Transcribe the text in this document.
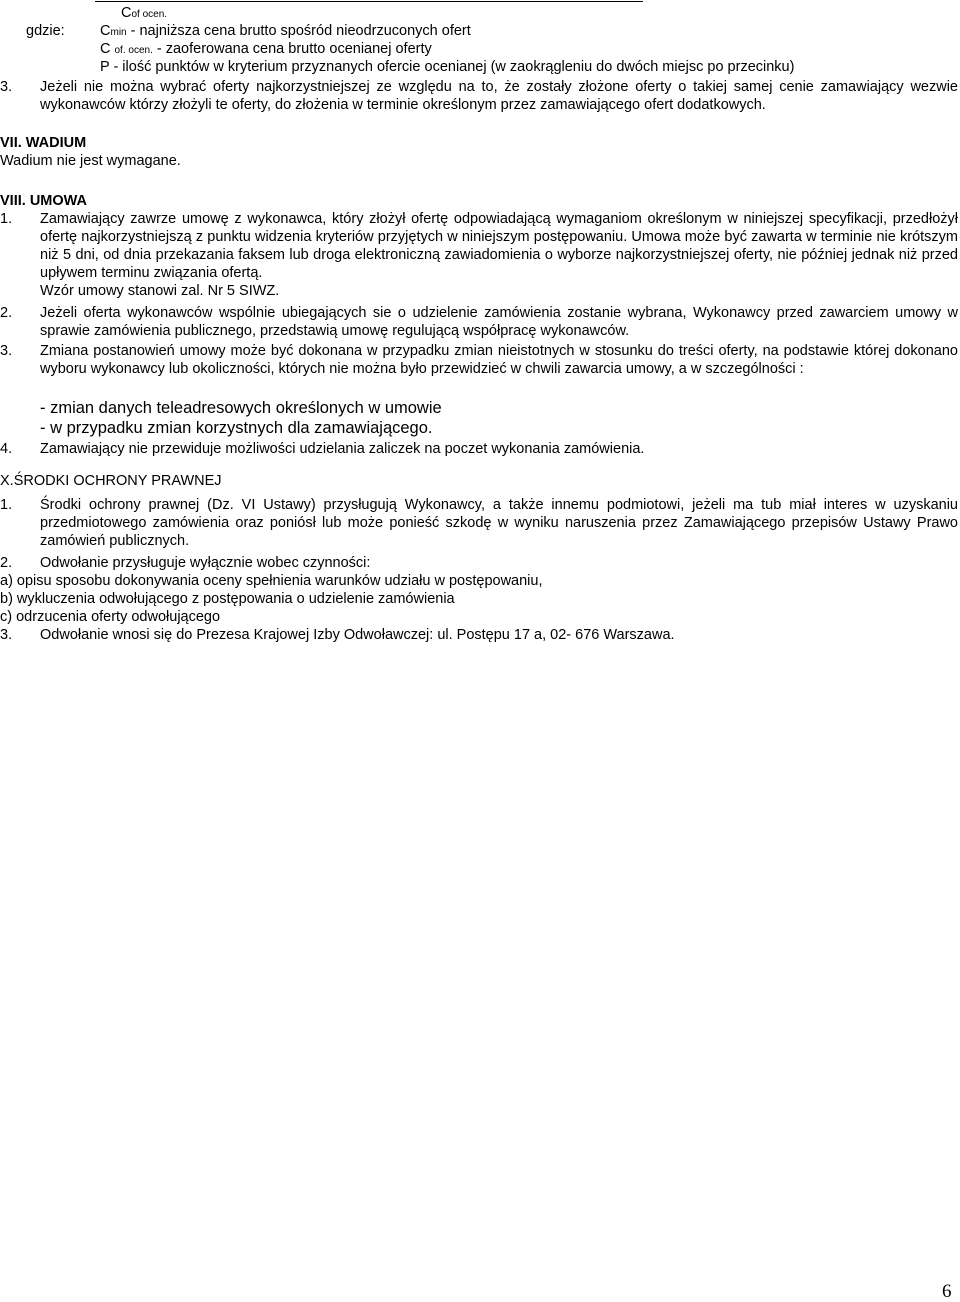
Cof ocen.
gdzie: Cmin - najniższa cena brutto spośród nieodrzuconych ofert
C of. ocen. - zaoferowana cena brutto ocenianej oferty
P - ilość punktów w kryterium przyznanych ofercie ocenianej (w zaokrągleniu do dwóch miejsc po przecinku)
3. Jeżeli nie można wybrać oferty najkorzystniejszej ze względu na to, że zostały złożone oferty o takiej samej cenie zamawiający wezwie wykonawców którzy złożyli te oferty, do złożenia w terminie określonym przez zamawiającego ofert dodatkowych.
VII. WADIUM
Wadium nie jest wymagane.
VIII. UMOWA
1. Zamawiający zawrze umowę z wykonawca, który złożył ofertę odpowiadającą wymaganiom określonym w niniejszej specyfikacji, przedłożył ofertę najkorzystniejszą z punktu widzenia kryteriów przyjętych w niniejszym postępowaniu. Umowa może być zawarta w terminie nie krótszym niż 5 dni, od dnia przekazania faksem lub droga elektroniczną zawiadomienia o wyborze najkorzystniejszej oferty, nie później jednak niż przed upływem terminu związania ofertą.
Wzór umowy stanowi zal. Nr 5 SIWZ.
2. Jeżeli oferta wykonawców wspólnie ubiegających sie o udzielenie zamówienia zostanie wybrana, Wykonawcy przed zawarciem umowy w sprawie zamówienia publicznego, przedstawią umowę regulującą współpracę wykonawców.
3. Zmiana postanowień umowy może być dokonana w przypadku zmian nieistotnych w stosunku do treści oferty, na podstawie której dokonano wyboru wykonawcy lub okoliczności, których nie można było przewidzieć w chwili zawarcia umowy, a w szczególności :
- zmian danych teleadresowych określonych w umowie
- w przypadku zmian korzystnych dla zamawiającego.
4. Zamawiający nie przewiduje możliwości udzielania zaliczek na poczet wykonania zamówienia.
X.ŚRODKI OCHRONY PRAWNEJ
1. Środki ochrony prawnej (Dz. VI Ustawy) przysługują Wykonawcy, a także innemu podmiotowi, jeżeli ma tub miał interes w uzyskaniu przedmiotowego zamówienia oraz poniósł lub może ponieść szkodę w wyniku naruszenia przez Zamawiającego przepisów Ustawy Prawo zamówień publicznych.
2. Odwołanie przysługuje wyłącznie wobec czynności:
a) opisu sposobu dokonywania oceny spełnienia warunków udziału w postępowaniu,
b) wykluczenia odwołującego z postępowania o udzielenie zamówienia
c) odrzucenia oferty odwołującego
3. Odwołanie wnosi się do Prezesa Krajowej Izby Odwoławczej: ul. Postępu 17 a, 02- 676 Warszawa.
6
